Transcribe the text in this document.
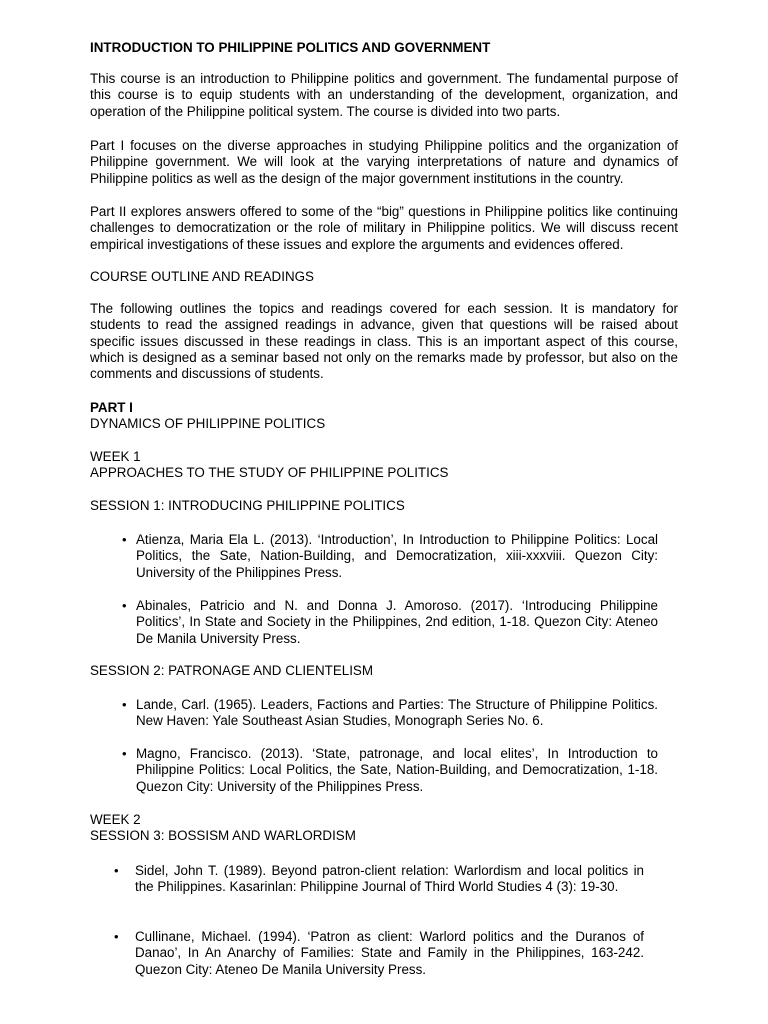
INTRODUCTION TO PHILIPPINE POLITICS AND GOVERNMENT

This course is an introduction to Philippine politics and government. The fundamental purpose of this course is to equip students with an understanding of the development, organization, and operation of the Philippine political system. The course is divided into two parts.

Part I focuses on the diverse approaches in studying Philippine politics and the organization of Philippine government. We will look at the varying interpretations of nature and dynamics of Philippine politics as well as the design of the major government institutions in the country.

Part II explores answers offered to some of the “big” questions in Philippine politics like continuing challenges to democratization or the role of military in Philippine politics. We will discuss recent empirical investigations of these issues and explore the arguments and evidences offered.

COURSE OUTLINE AND READINGS

The following outlines the topics and readings covered for each session. It is mandatory for students to read the assigned readings in advance, given that questions will be raised about specific issues discussed in these readings in class. This is an important aspect of this course, which is designed as a seminar based not only on the remarks made by professor, but also on the comments and discussions of students.

PART I

DYNAMICS OF PHILIPPINE POLITICS

WEEK 1

APPROACHES TO THE STUDY OF PHILIPPINE POLITICS

SESSION 1: INTRODUCING PHILIPPINE POLITICS

• Atienza, Maria Ela L. (2013). ‘Introduction’, In Introduction to Philippine Politics: Local Politics, the Sate, Nation-Building, and Democratization, xiii-xxxviii. Quezon City: University of the Philippines Press.

• Abinales, Patricio and N. and Donna J. Amoroso. (2017). ‘Introducing Philippine Politics’, In State and Society in the Philippines, 2nd edition, 1-18. Quezon City: Ateneo De Manila University Press.

SESSION 2: PATRONAGE AND CLIENTELISM

• Lande, Carl. (1965). Leaders, Factions and Parties: The Structure of Philippine Politics. New Haven: Yale Southeast Asian Studies, Monograph Series No. 6.

• Magno, Francisco. (2013). ‘State, patronage, and local elites’, In Introduction to Philippine Politics: Local Politics, the Sate, Nation-Building, and Democratization, 1-18. Quezon City: University of the Philippines Press.

WEEK 2

SESSION 3: BOSSISM AND WARLORDISM

•	Sidel, John T. (1989). Beyond patron-client relation: Warlordism and local politics in the Philippines. Kasarinlan: Philippine Journal of Third World Studies 4 (3): 19-30.

•	Cullinane, Michael. (1994). ‘Patron as client: Warlord politics and the Duranos of Danao’, In An Anarchy of Families: State and Family in the Philippines, 163-242. Quezon City: Ateneo De Manila University Press.
